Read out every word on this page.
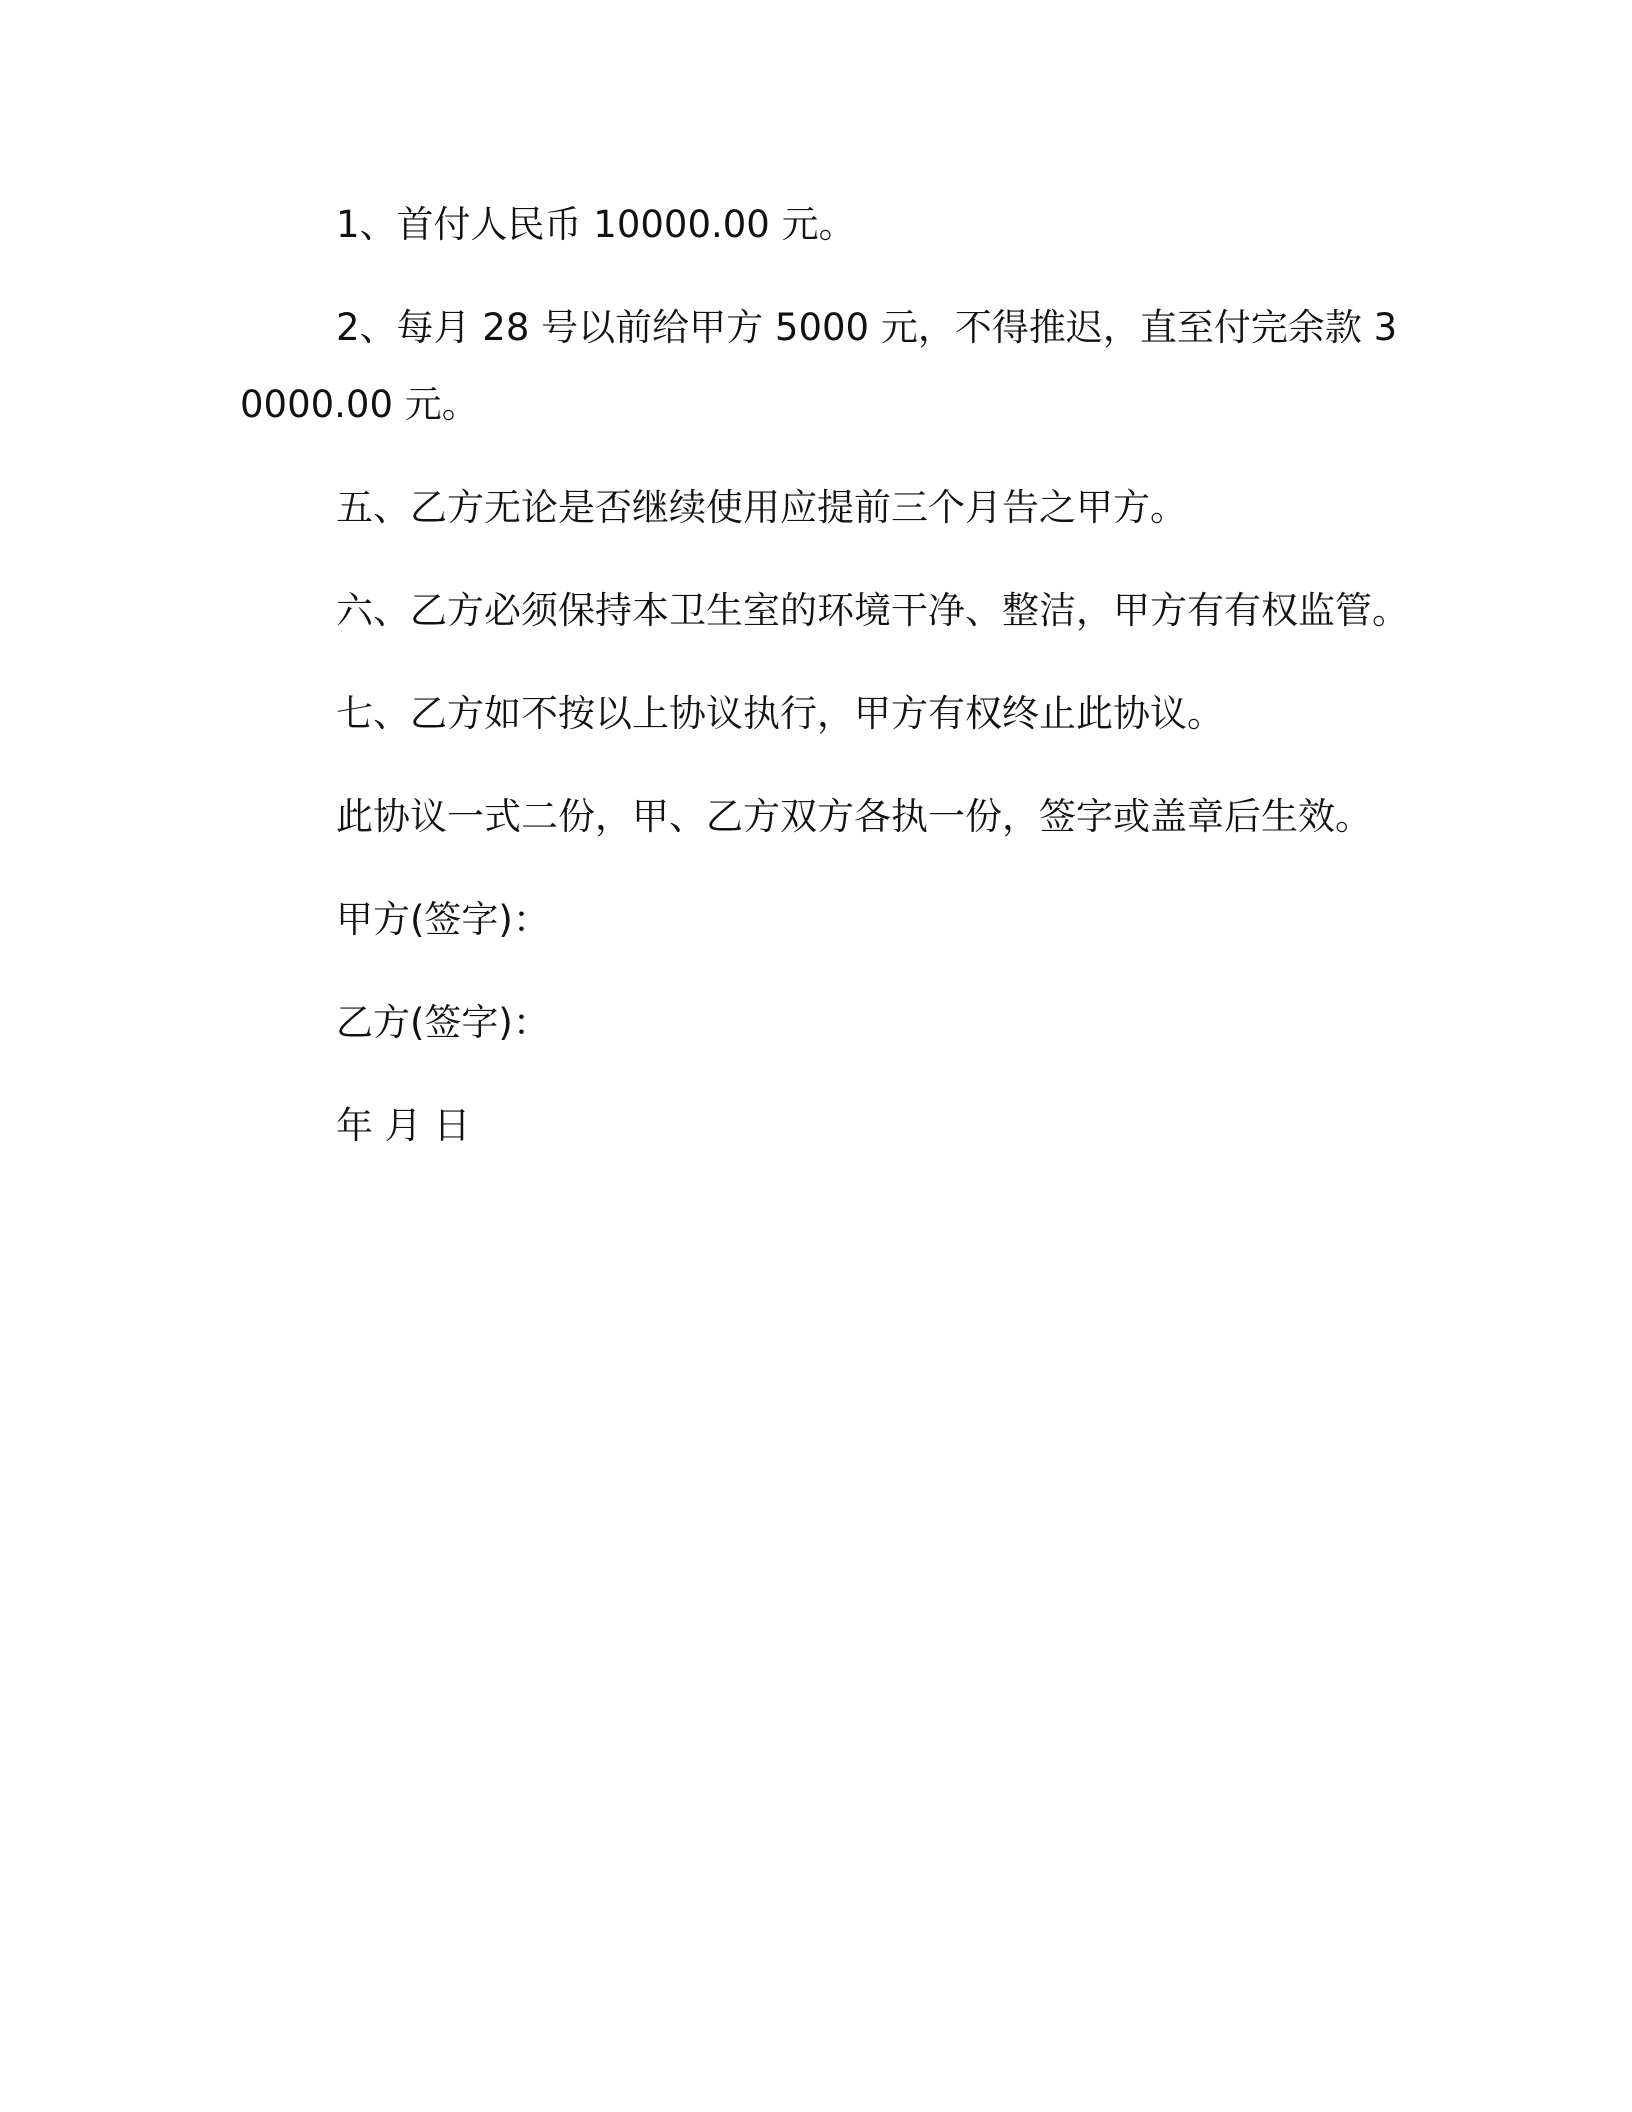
1、首付人民币 10000.00 元。

2、每月 28 号以前给甲方 5000 元，不得推迟，直至付完余款 30000.00 元。

五、乙方无论是否继续使用应提前三个月告之甲方。

六、乙方必须保持本卫生室的环境干净、整洁，甲方有有权监管。

七、乙方如不按以上协议执行，甲方有权终止此协议。

此协议一式二份，甲、乙方双方各执一份，签字或盖章后生效。

甲方(签字)：

乙方(签字)：

年 月 日
